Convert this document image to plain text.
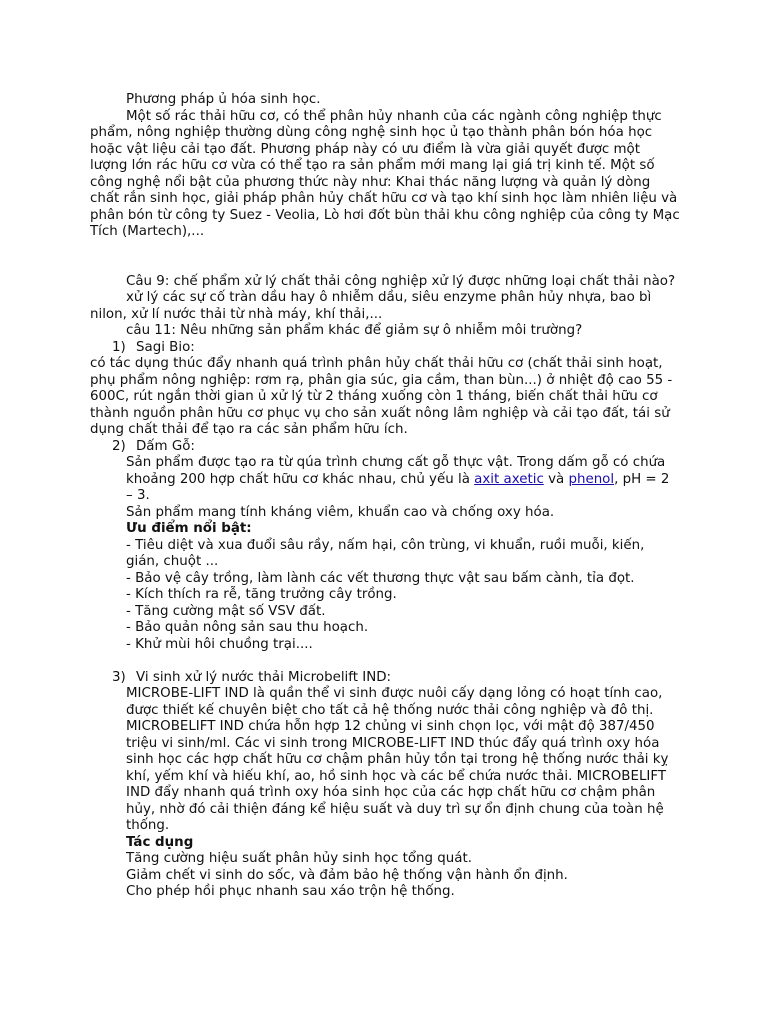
Phương pháp ủ hóa sinh học.

Một số rác thải hữu cơ, có thể phân hủy nhanh của các ngành công nghiệp thực phẩm, nông nghiệp thường dùng công nghệ sinh học ủ tạo thành phân bón hóa học hoặc vật liệu cải tạo đất. Phương pháp này có ưu điểm là vừa giải quyết được một lượng lớn rác hữu cơ vừa có thể tạo ra sản phẩm mới mang lại giá trị kinh tế. Một số công nghệ nổi bật của phương thức này như: Khai thác năng lượng và quản lý dòng chất rắn sinh học, giải pháp phân hủy chất hữu cơ và tạo khí sinh học làm nhiên liệu và phân bón từ công ty Suez - Veolia, Lò hơi đốt bùn thải khu công nghiệp của công ty Mạc Tích (Martech),...

Câu 9: chế phẩm xử lý chất thải công nghiệp xử lý được những loại chất thải nào?

xử lý các sự cố tràn dầu hay ô nhiễm dầu, siêu enzyme phân hủy nhựa, bao bì nilon, xử lí nước thải từ nhà máy, khí thải,...

câu 11: Nêu những sản phẩm khác để giảm sự ô nhiễm môi trường?

1) Sagi Bio:

có tác dụng thúc đẩy nhanh quá trình phân hủy chất thải hữu cơ (chất thải sinh hoạt, phụ phẩm nông nghiệp: rơm rạ, phân gia súc, gia cầm, than bùn...) ở nhiệt độ cao 55 - 600C, rút ngắn thời gian ủ xử lý từ 2 tháng xuống còn 1 tháng, biến chất thải hữu cơ thành nguồn phân hữu cơ phục vụ cho sản xuất nông lâm nghiệp và cải tạo đất, tái sử dụng chất thải để tạo ra các sản phẩm hữu ích.

2) Dấm Gỗ:

Sản phẩm được tạo ra từ qúa trình chưng cất gỗ thực vật. Trong dấm gỗ có chứa khoảng 200 hợp chất hữu cơ khác nhau, chủ yếu là axit axetic và phenol, pH = 2 – 3.

Sản phẩm mang tính kháng viêm, khuẩn cao và chống oxy hóa.

Ưu điểm nổi bật:

- Tiêu diệt và xua đuổi sâu rầy, nấm hại, côn trùng, vi khuẩn, ruồi muỗi, kiến, gián, chuột ...

- Bảo vệ cây trồng, làm lành các vết thương thực vật sau bấm cành, tỉa đọt.

- Kích thích ra rễ, tăng trưởng cây trồng.

- Tăng cường mật số VSV đất.

- Bảo quản nông sản sau thu hoạch.

- Khử mùi hôi chuồng trại....

3) Vi sinh xử lý nước thải Microbelift IND:

MICROBE-LIFT IND là quần thể vi sinh được nuôi cấy dạng lỏng có hoạt tính cao, được thiết kế chuyên biệt cho tất cả hệ thống nước thải công nghiệp và đô thị. MICROBELIFT IND chứa hỗn hợp 12 chủng vi sinh chọn lọc, với mật độ 387/450 triệu vi sinh/ml. Các vi sinh trong MICROBE-LIFT IND thúc đẩy quá trình oxy hóa sinh học các hợp chất hữu cơ chậm phân hủy tồn tại trong hệ thống nước thải kỵ khí, yếm khí và hiếu khí, ao, hồ sinh học và các bể chứa nước thải. MICROBELIFT IND đẩy nhanh quá trình oxy hóa sinh học của các hợp chất hữu cơ chậm phân hủy, nhờ đó cải thiện đáng kể hiệu suất và duy trì sự ổn định chung của toàn hệ thống.

Tác dụng

Tăng cường hiệu suất phân hủy sinh học tổng quát.

Giảm chết vi sinh do sốc, và đảm bảo hệ thống vận hành ổn định.

Cho phép hồi phục nhanh sau xáo trộn hệ thống.
